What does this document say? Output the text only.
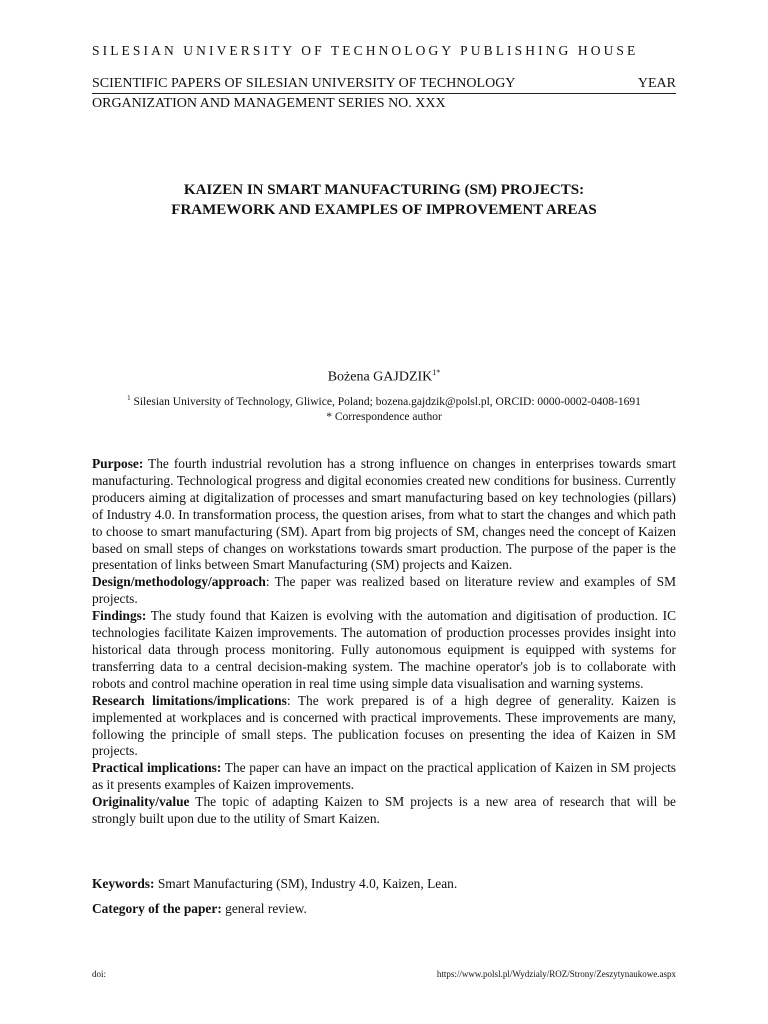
SILESIAN UNIVERSITY OF TECHNOLOGY PUBLISHING HOUSE
SCIENTIFIC PAPERS OF SILESIAN UNIVERSITY OF TECHNOLOGY	YEAR
ORGANIZATION AND MANAGEMENT SERIES NO. XXX
KAIZEN IN SMART MANUFACTURING (SM) PROJECTS:
FRAMEWORK AND EXAMPLES OF IMPROVEMENT AREAS
Bożena $GAJDZIK^{1*}$
$^1$ Silesian University of Technology, Gliwice, Poland; bozena.gajdzik@polsl.pl, ORCID: 0000-0002-0408-1691
* Correspondence author

Purpose: The fourth industrial revolution has a strong influence on changes in enterprises towards smart manufacturing. Technological progress and digital economies created new conditions for business. Currently producers aiming at digitalization of processes and smart manufacturing based on key technologies (pillars) of Industry 4.0. In transformation process, the question arises, from what to start the changes and which path to choose to smart manufacturing (SM). Apart from big projects of SM, changes need the concept of Kaizen based on small steps of changes on workstations towards smart production. The purpose of the paper is the presentation of links between Smart Manufacturing (SM) projects and Kaizen.

Design/methodology/approach: The paper was realized based on literature review and examples of SM projects.

Findings: The study found that Kaizen is evolving with the automation and digitisation of production. IC technologies facilitate Kaizen improvements. The automation of production processes provides insight into historical data through process monitoring. Fully autonomous equipment is equipped with systems for transferring data to a central decision-making system. The machine operator's job is to collaborate with robots and control machine operation in real time using simple data visualisation and warning systems.

Research limitations/implications: The work prepared is of a high degree of generality. Kaizen is implemented at workplaces and is concerned with practical improvements. These improvements are many, following the principle of small steps. The publication focuses on presenting the idea of Kaizen in SM projects.

Practical implications: The paper can have an impact on the practical application of Kaizen in SM projects as it presents examples of Kaizen improvements.

Originality/value The topic of adapting Kaizen to SM projects is a new area of research that will be strongly built upon due to the utility of Smart Kaizen.

Keywords: Smart Manufacturing (SM), Industry 4.0, Kaizen, Lean.
Category of the paper: general review.
doi:	https://www.polsl.pl/Wydzialy/ROZ/Strony/Zeszytynaukowe.aspx
